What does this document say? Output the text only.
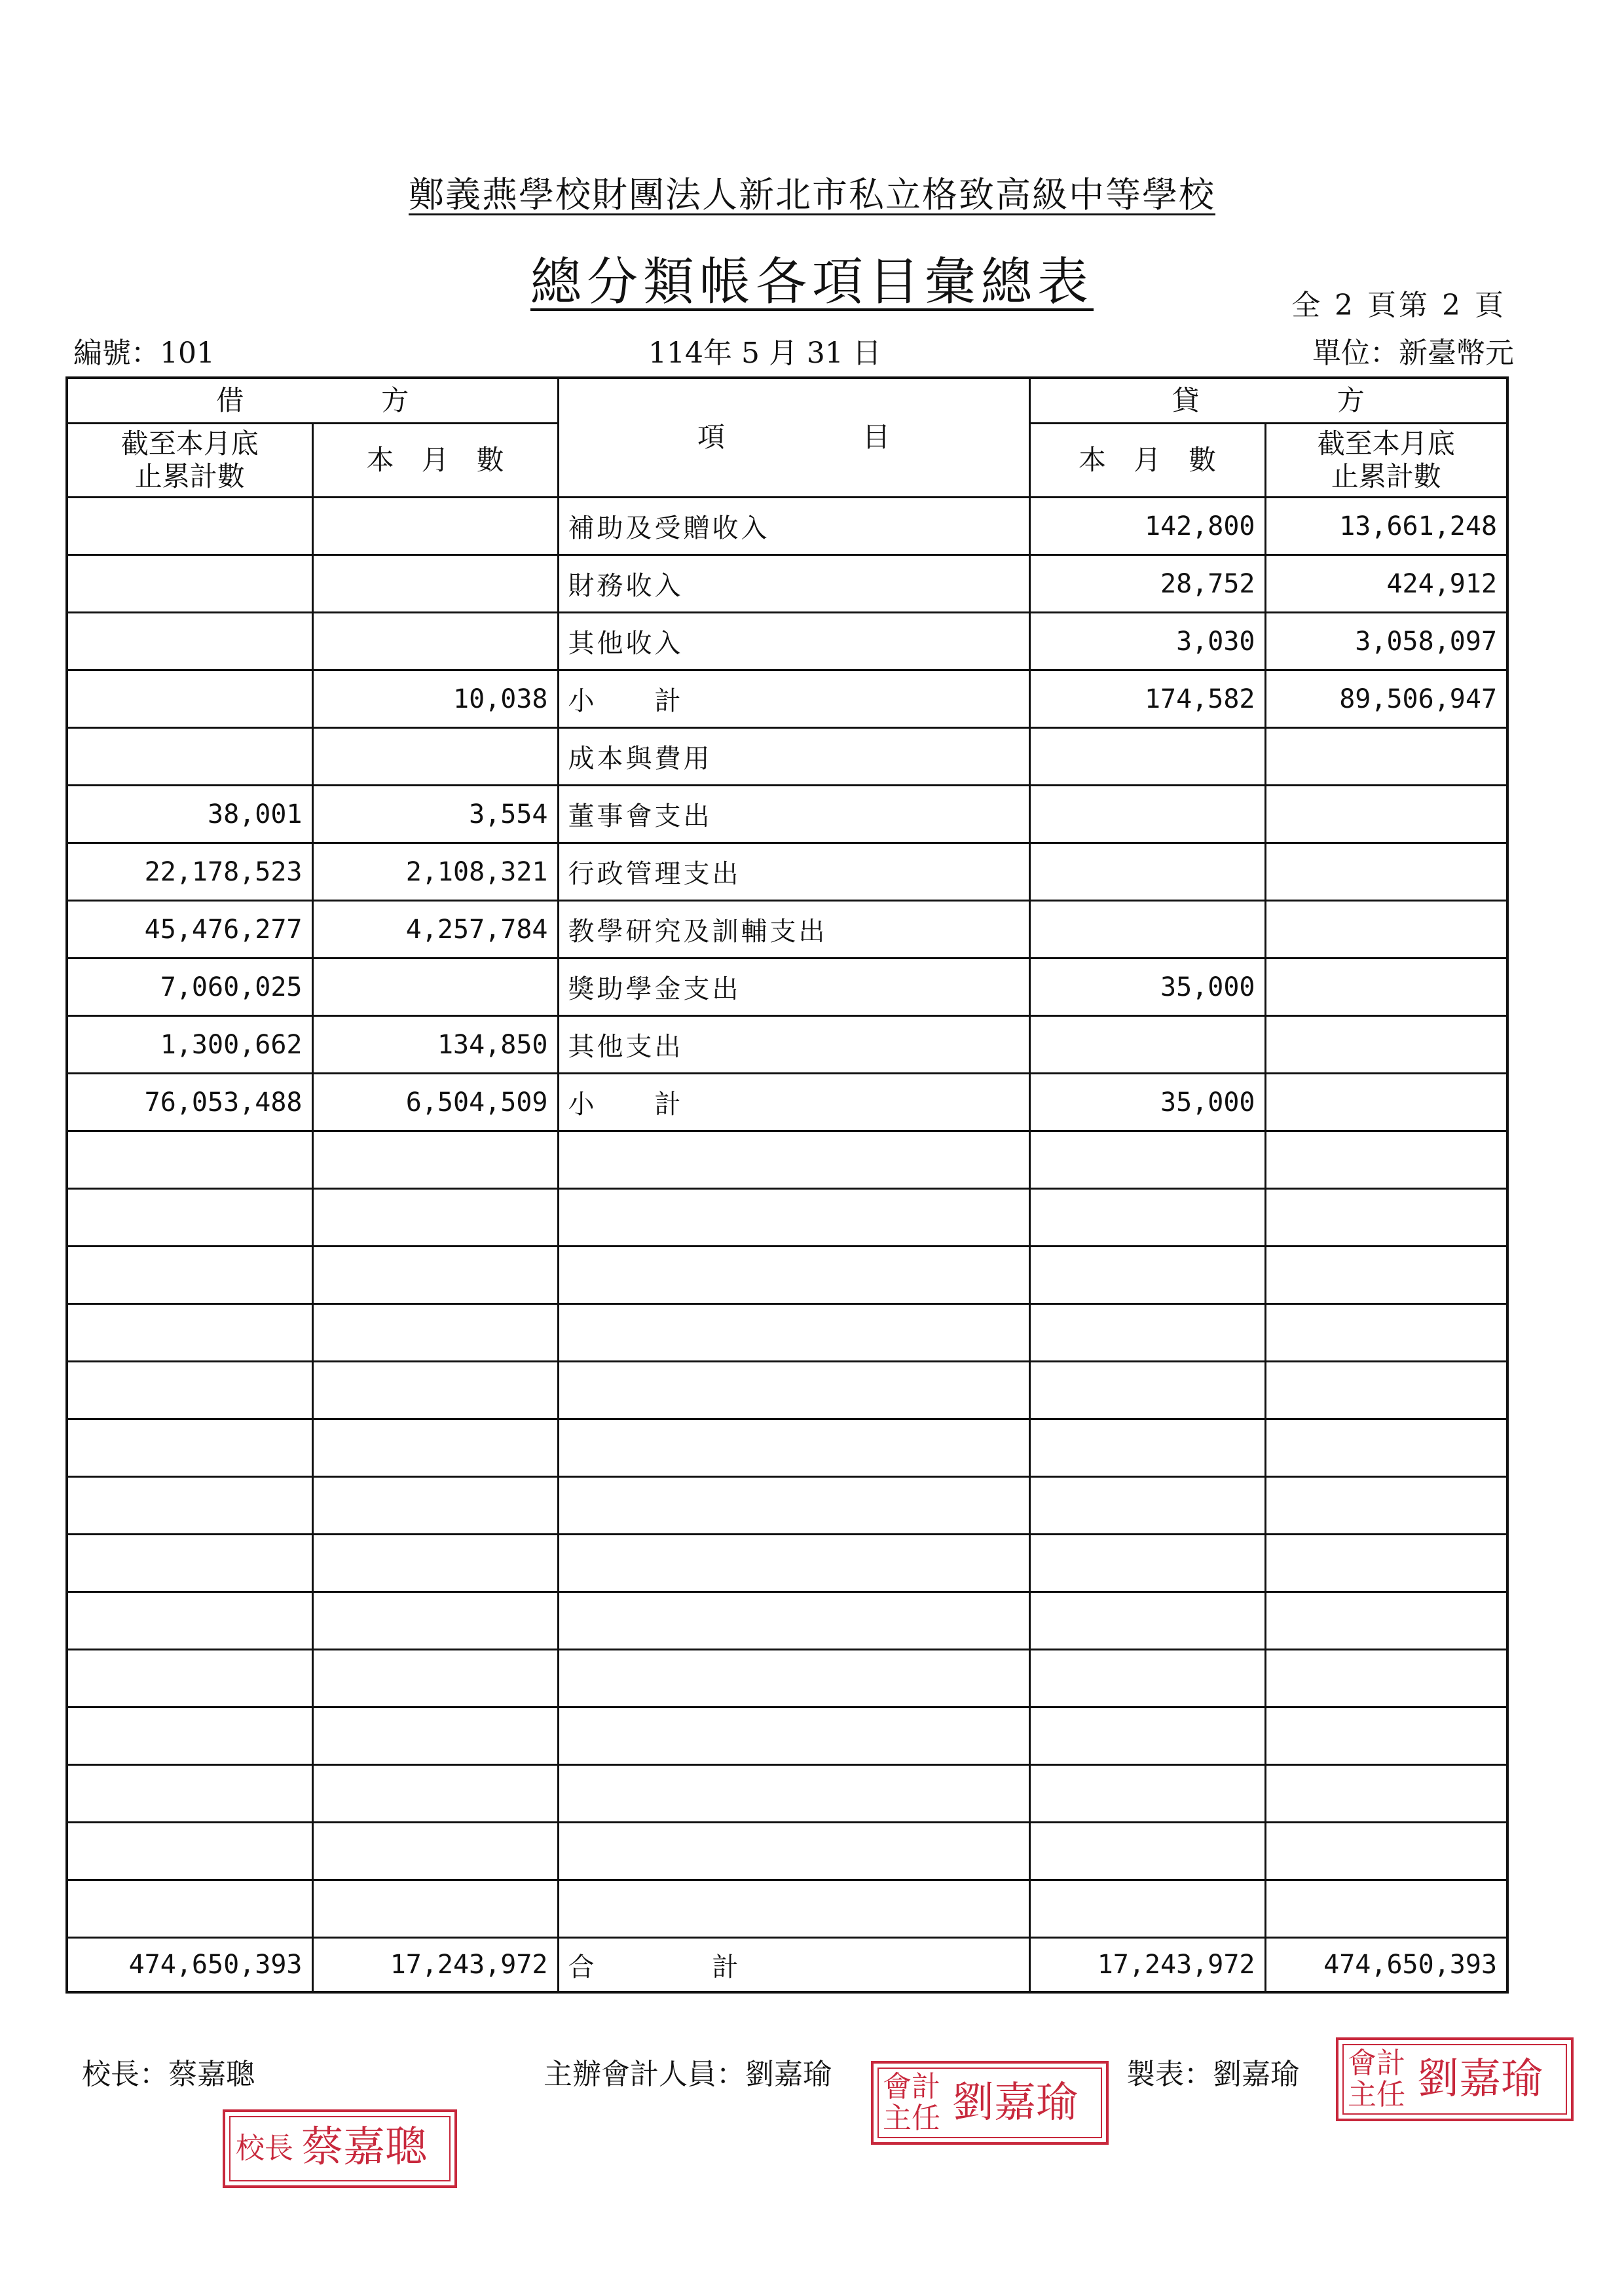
鄭義燕學校財團法人新北市私立格致高級中等學校
總分類帳各項目彙總表	全 2 頁第 2 頁
編號：101	114年 5 月 31 日	單位：新臺幣元
借　　　　　方		項　　　　　目	貸　　　　　方	
截至本月底
止累計數	本　月　數		本　月　數	截至本月底
止累計數
		補助及受贈收入	142,800	13,661,248
		財務收入	28,752	424,912
		其他收入	3,030	3,058,097
	10,038	小　　計	174,582	89,506,947
		成本與費用		
38,001	3,554	董事會支出		
22,178,523	2,108,321	行政管理支出		
45,476,277	4,257,784	教學研究及訓輔支出		
7,060,025		獎助學金支出	35,000	
1,300,662	134,850	其他支出		
76,053,488	6,504,509	小　　計	35,000	

474,650,393	17,243,972	合　　　　計	17,243,972	474,650,393
校長：蔡嘉聰	主辦會計人員：劉嘉瑜	製表：劉嘉瑜
校長 蔡嘉聰
會計
主任 劉嘉瑜
會計
主任 劉嘉瑜
